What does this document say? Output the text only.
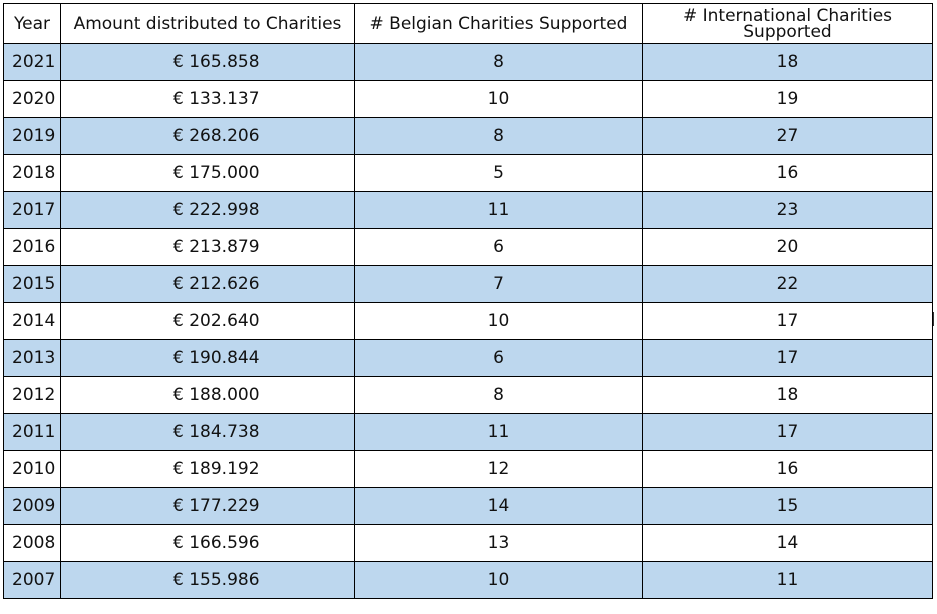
Year	Amount distributed to Charities	# Belgian Charities Supported	# International Charities Supported
2021	€ 165.858	8	18
2020	€ 133.137	10	19
2019	€ 268.206	8	27
2018	€ 175.000	5	16
2017	€ 222.998	11	23
2016	€ 213.879	6	20
2015	€ 212.626	7	22
2014	€ 202.640	10	17
2013	€ 190.844	6	17
2012	€ 188.000	8	18
2011	€ 184.738	11	17
2010	€ 189.192	12	16
2009	€ 177.229	14	15
2008	€ 166.596	13	14
2007	€ 155.986	10	11
